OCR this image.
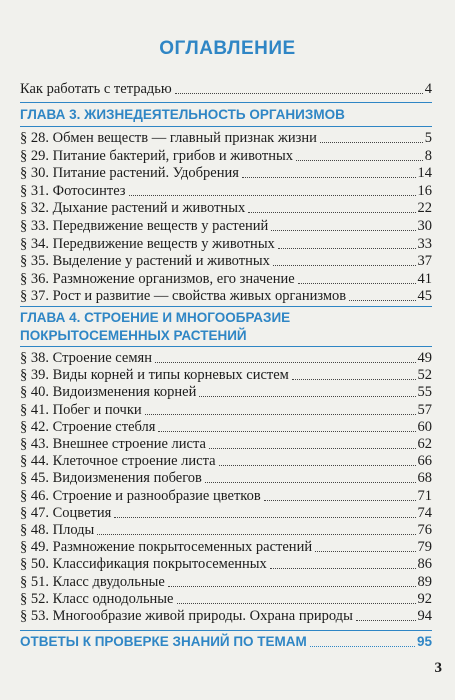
ОГЛАВЛЕНИЕ
Как работать с тетрадью	4
ГЛАВА 3. ЖИЗНЕДЕЯТЕЛЬНОСТЬ ОРГАНИЗМОВ
§ 28. Обмен веществ — главный признак жизни	5
§ 29. Питание бактерий, грибов и животных	8
§ 30. Питание растений. Удобрения	14
§ 31. Фотосинтез	16
§ 32. Дыхание растений и животных	22
§ 33. Передвижение веществ у растений	30
§ 34. Передвижение веществ у животных	33
§ 35. Выделение у растений и животных	37
§ 36. Размножение организмов, его значение	41
§ 37. Рост и развитие — свойства живых организмов	45
ГЛАВА 4. СТРОЕНИЕ И МНОГООБРАЗИЕ
ПОКРЫТОСЕМЕННЫХ РАСТЕНИЙ
§ 38. Строение семян	49
§ 39. Виды корней и типы корневых систем	52
§ 40. Видоизменения корней	55
§ 41. Побег и почки	57
§ 42. Строение стебля	60
§ 43. Внешнее строение листа	62
§ 44. Клеточное строение листа	66
§ 45. Видоизменения побегов	68
§ 46. Строение и разнообразие цветков	71
§ 47. Соцветия	74
§ 48. Плоды	76
§ 49. Размножение покрытосеменных растений	79
§ 50. Классификация покрытосеменных	86
§ 51. Класс двудольные	89
§ 52. Класс однодольные	92
§ 53. Многообразие живой природы. Охрана природы	94
ОТВЕТЫ К ПРОВЕРКЕ ЗНАНИЙ ПО ТЕМАМ	95
3
